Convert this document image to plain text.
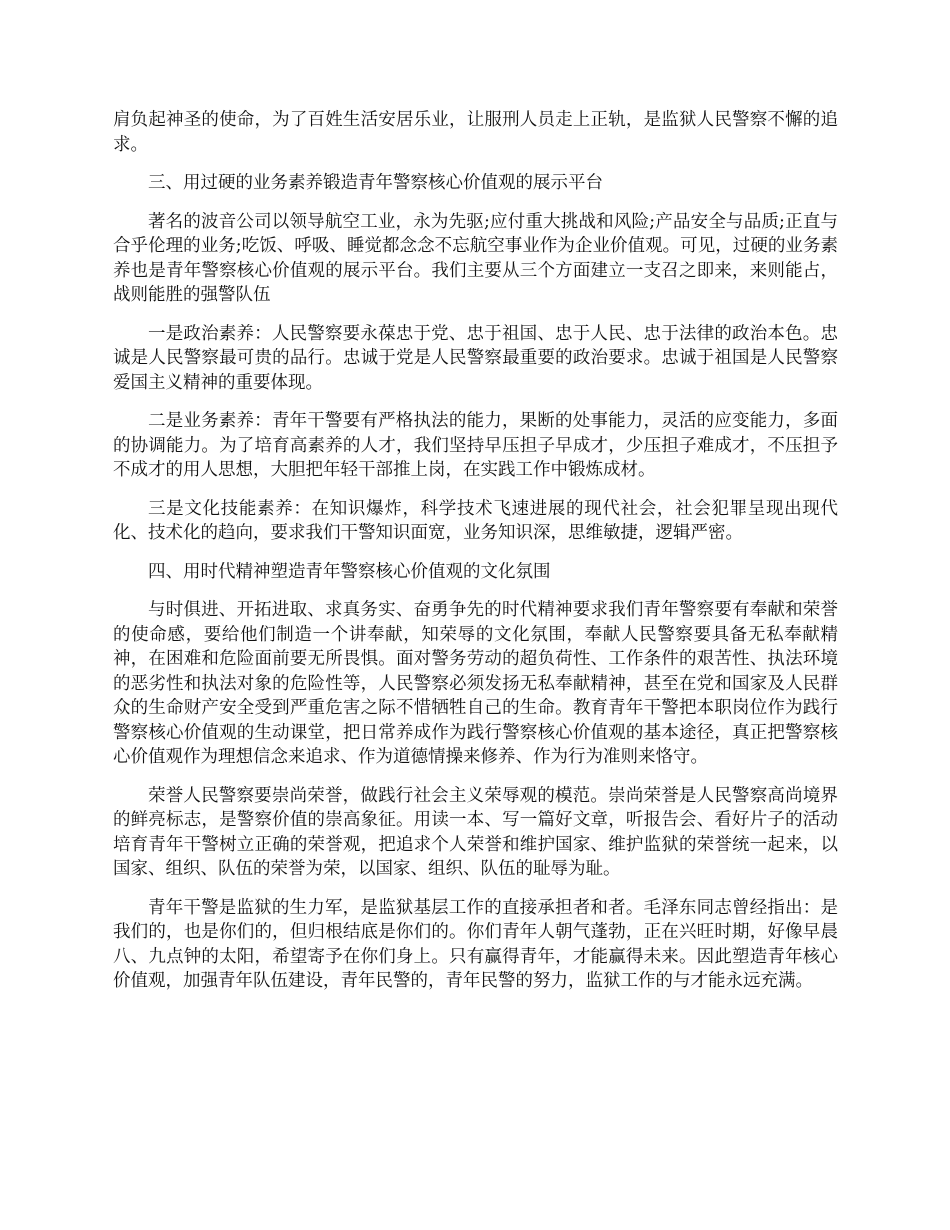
肩负起神圣的使命，为了百姓生活安居乐业，让服刑人员走上正轨，是监狱人民警察不懈的追求。

三、用过硬的业务素养锻造青年警察核心价值观的展示平台

著名的波音公司以领导航空工业，永为先驱;应付重大挑战和风险;产品安全与品质;正直与合乎伦理的业务;吃饭、呼吸、睡觉都念念不忘航空事业作为企业价值观。可见，过硬的业务素养也是青年警察核心价值观的展示平台。我们主要从三个方面建立一支召之即来，来则能占，战则能胜的强警队伍

一是政治素养：人民警察要永葆忠于党、忠于祖国、忠于人民、忠于法律的政治本色。忠诚是人民警察最可贵的品行。忠诚于党是人民警察最重要的政治要求。忠诚于祖国是人民警察爱国主义精神的重要体现。

二是业务素养：青年干警要有严格执法的能力，果断的处事能力，灵活的应变能力，多面的协调能力。为了培育高素养的人才，我们坚持早压担子早成才，少压担子难成才，不压担予不成才的用人思想，大胆把年轻干部推上岗，在实践工作中锻炼成材。

三是文化技能素养：在知识爆炸，科学技术飞速进展的现代社会，社会犯罪呈现出现代化、技术化的趋向，要求我们干警知识面宽，业务知识深，思维敏捷，逻辑严密。

四、用时代精神塑造青年警察核心价值观的文化氛围

与时俱进、开拓进取、求真务实、奋勇争先的时代精神要求我们青年警察要有奉献和荣誉的使命感，要给他们制造一个讲奉献，知荣辱的文化氛围，奉献人民警察要具备无私奉献精神，在困难和危险面前要无所畏惧。面对警务劳动的超负荷性、工作条件的艰苦性、执法环境的恶劣性和执法对象的危险性等，人民警察必须发扬无私奉献精神，甚至在党和国家及人民群众的生命财产安全受到严重危害之际不惜牺牲自己的生命。教育青年干警把本职岗位作为践行警察核心价值观的生动课堂，把日常养成作为践行警察核心价值观的基本途径，真正把警察核心价值观作为理想信念来追求、作为道德情操来修养、作为行为准则来恪守。

荣誉人民警察要崇尚荣誉，做践行社会主义荣辱观的模范。崇尚荣誉是人民警察高尚境界的鲜亮标志，是警察价值的崇高象征。用读一本、写一篇好文章，听报告会、看好片子的活动培育青年干警树立正确的荣誉观，把追求个人荣誉和维护国家、维护监狱的荣誉统一起来，以国家、组织、队伍的荣誉为荣，以国家、组织、队伍的耻辱为耻。

青年干警是监狱的生力军，是监狱基层工作的直接承担者和者。毛泽东同志曾经指出：是我们的，也是你们的，但归根结底是你们的。你们青年人朝气蓬勃，正在兴旺时期，好像早晨八、九点钟的太阳，希望寄予在你们身上。只有赢得青年，才能赢得未来。因此塑造青年核心价值观，加强青年队伍建设，青年民警的，青年民警的努力，监狱工作的与才能永远充满。
